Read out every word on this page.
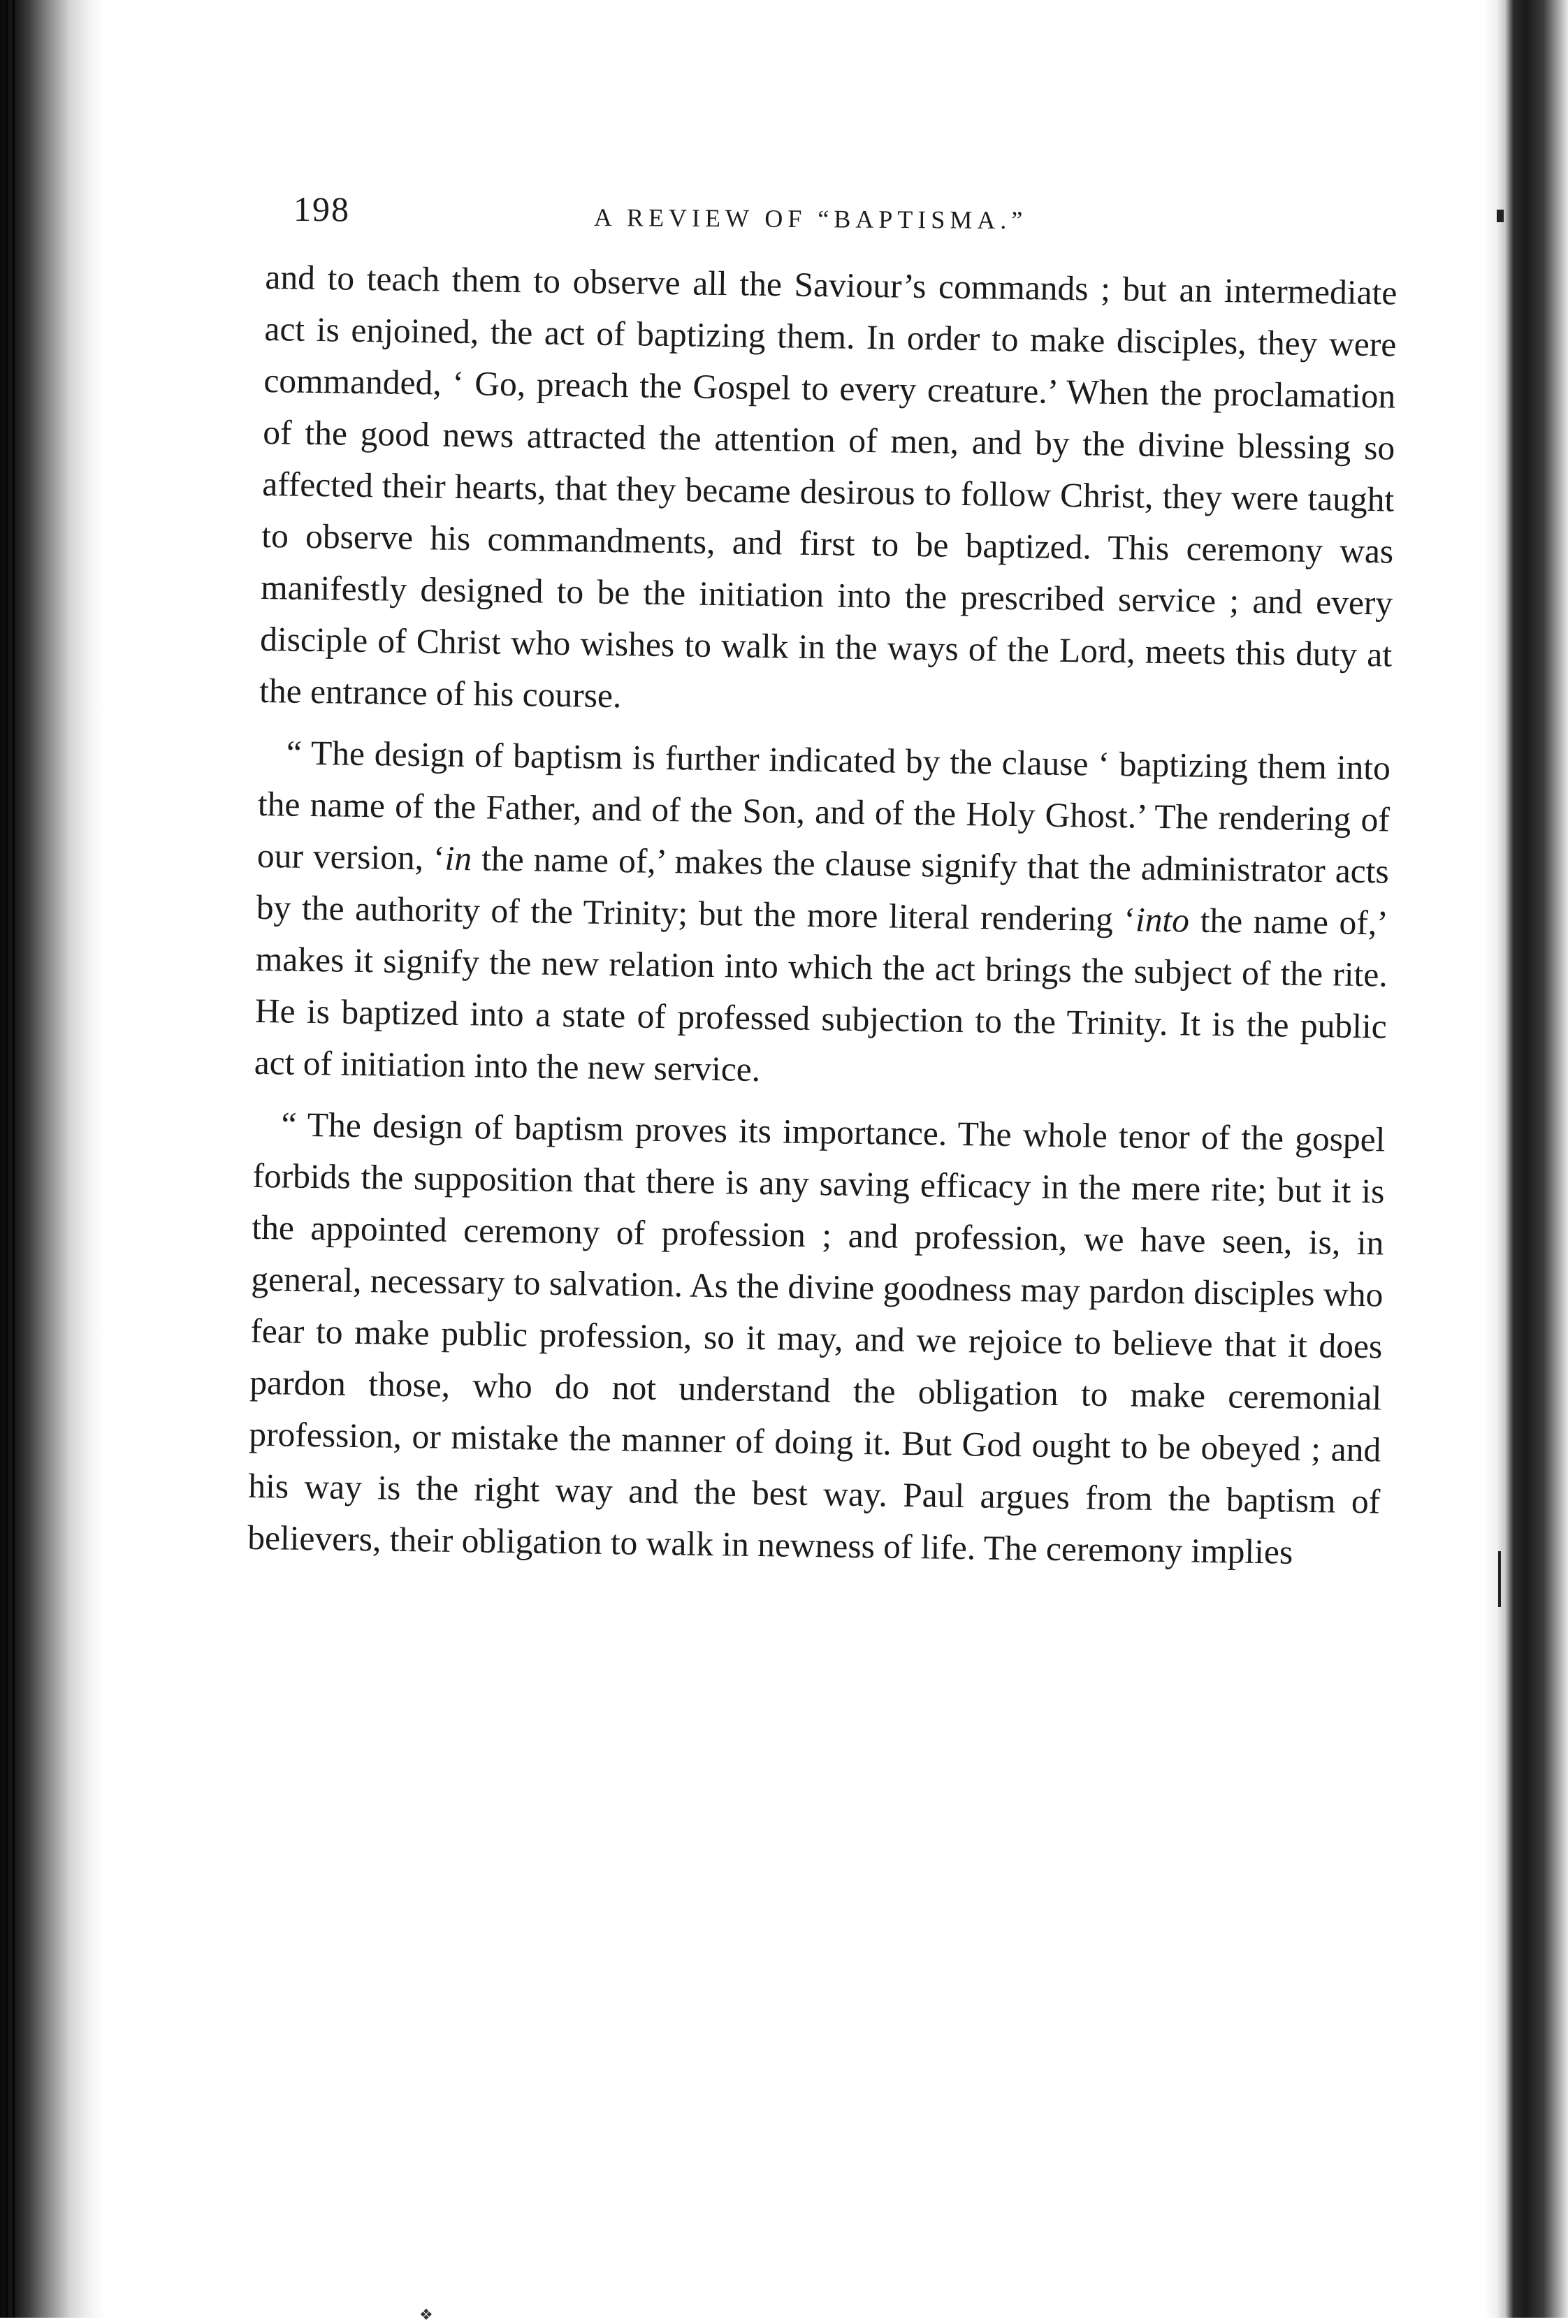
198	A REVIEW OF “BAPTISMA.”

and to teach them to observe all the Saviour’s commands ; but an intermediate act is enjoined, the act of baptizing them. In order to make disciples, they were commanded, ‘ Go, preach the Gospel to every creature.’ When the proclamation of the good news attracted the attention of men, and by the divine blessing so affected their hearts, that they became desirous to follow Christ, they were taught to observe his commandments, and first to be baptized. This ceremony was manifestly designed to be the initiation into the prescribed service ; and every disciple of Christ who wishes to walk in the ways of the Lord, meets this duty at the entrance of his course.

“ The design of baptism is further indicated by the clause ‘ baptizing them into the name of the Father, and of the Son, and of the Holy Ghost.’ The rendering of our version, ‘in the name of,’ makes the clause signify that the administrator acts by the authority of the Trinity; but the more literal rendering ‘into the name of,’ makes it signify the new relation into which the act brings the subject of the rite. He is baptized into a state of professed subjection to the Trinity. It is the public act of initiation into the new service.

“ The design of baptism proves its importance. The whole tenor of the gospel forbids the supposition that there is any saving efficacy in the mere rite; but it is the appointed ceremony of profession ; and profession, we have seen, is, in general, necessary to salvation. As the divine goodness may pardon disciples who fear to make public profession, so it may, and we rejoice to believe that it does pardon those, who do not understand the obligation to make ceremonial profession, or mistake the manner of doing it. But God ought to be obeyed ; and his way is the right way and the best way. Paul argues from the baptism of believers, their obligation to walk in newness of life. The ceremony implies

❖
